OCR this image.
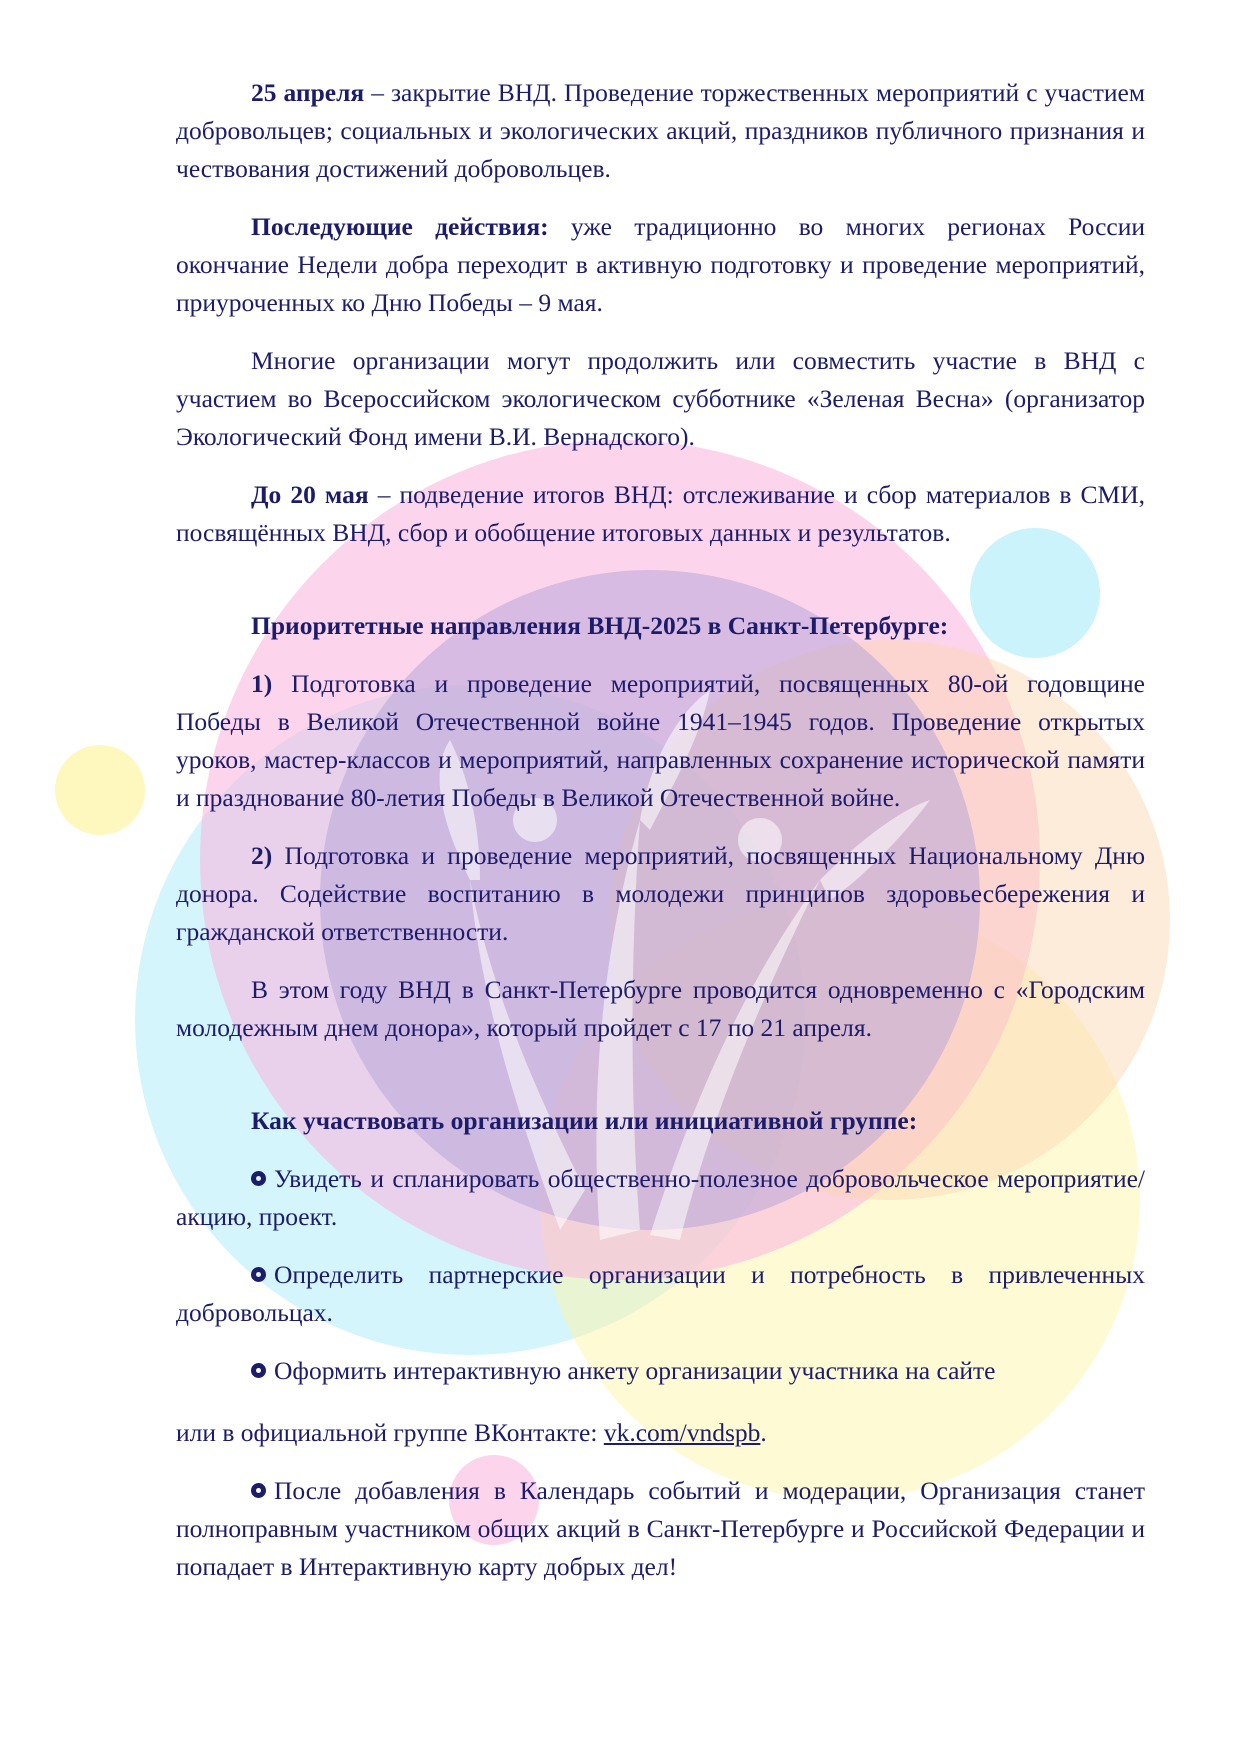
25 апреля – закрытие ВНД. Проведение торжественных мероприятий с участием добровольцев; социальных и экологических акций, праздников публичного признания и чествования достижений добровольцев.

Последующие действия: уже традиционно во многих регионах России окончание Недели добра переходит в активную подготовку и проведение мероприятий, приуроченных ко Дню Победы – 9 мая.

Многие организации могут продолжить или совместить участие в ВНД с участием во Всероссийском экологическом субботнике «Зеленая Весна» (организатор Экологический Фонд имени В.И. Вернадского).

До 20 мая – подведение итогов ВНД: отслеживание и сбор материалов в СМИ, посвящённых ВНД, сбор и обобщение итоговых данных и результатов.

Приоритетные направления ВНД-2025 в Санкт-Петербурге:

1) Подготовка и проведение мероприятий, посвященных 80-ой годовщине Победы в Великой Отечественной войне 1941–1945 годов. Проведение открытых уроков, мастер-классов и мероприятий, направленных сохранение исторической памяти и празднование 80-летия Победы в Великой Отечественной войне.

2) Подготовка и проведение мероприятий, посвященных Национальному Дню донора. Содействие воспитанию в молодежи принципов здоровьесбережения и гражданской ответственности.

В этом году ВНД в Санкт-Петербурге проводится одновременно с «Городским молодежным днем донора», который пройдет с 17 по 21 апреля.

Как участвовать организации или инициативной группе:

Увидеть и спланировать общественно-полезное добровольческое мероприятие/акцию, проект.

Определить партнерские организации и потребность в привлеченных добровольцах.

Оформить интерактивную анкету организации участника на сайте

или в официальной группе ВКонтакте: vk.com/vndspb.

После добавления в Календарь событий и модерации, Организация станет полноправным участником общих акций в Санкт-Петербурге и Российской Федерации и попадает в Интерактивную карту добрых дел!
